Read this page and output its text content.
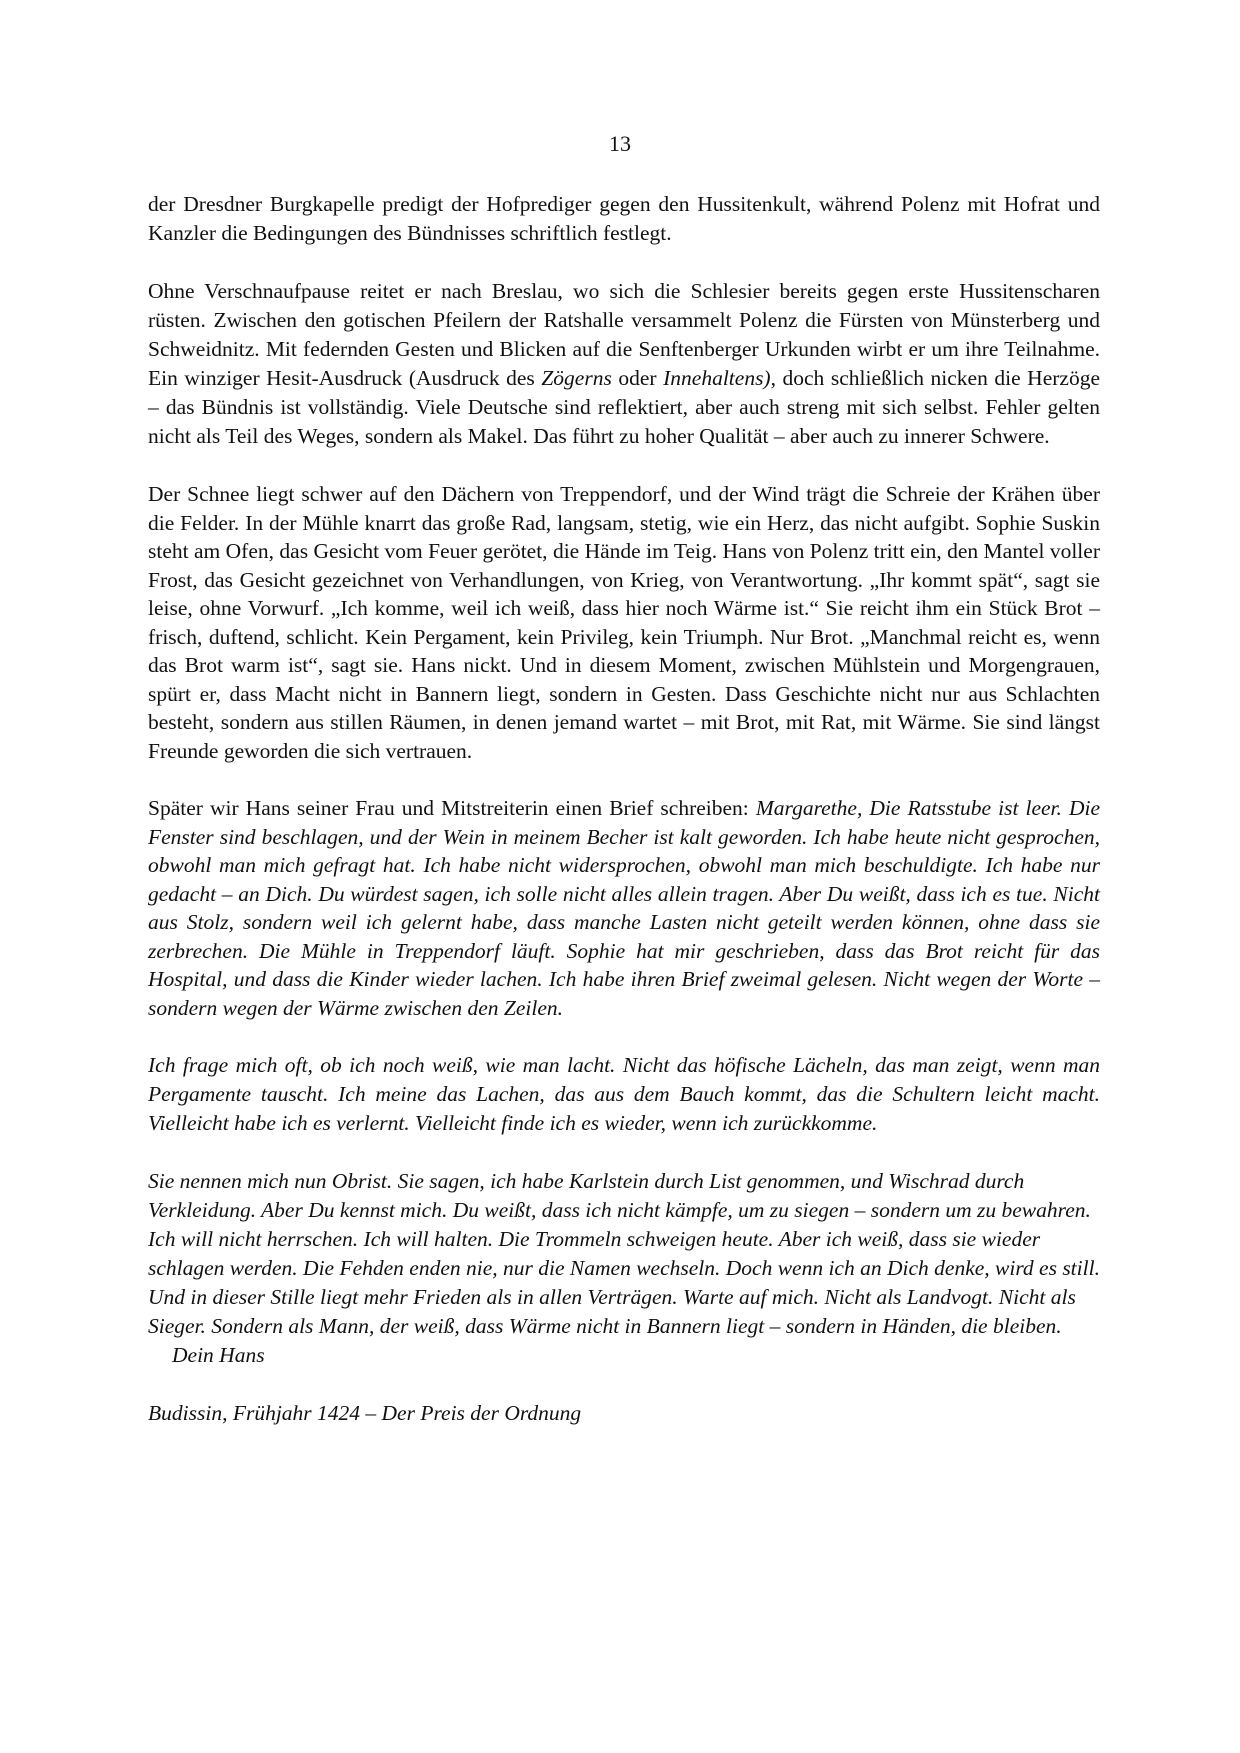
13

der Dresdner Burgkapelle predigt der Hofprediger gegen den Hussitenkult, während Polenz mit Hofrat und Kanzler die Bedingungen des Bündnisses schriftlich festlegt.

Ohne Verschnaufpause reitet er nach Breslau, wo sich die Schlesier bereits gegen erste Hussitenscharen rüsten. Zwischen den gotischen Pfeilern der Ratshalle versammelt Polenz die Fürsten von Münsterberg und Schweidnitz. Mit federnden Gesten und Blicken auf die Senftenberger Urkunden wirbt er um ihre Teilnahme. Ein winziger Hesit-Ausdruck (Ausdruck des Zögerns oder Innehaltens), doch schließlich nicken die Herzöge – das Bündnis ist vollständig. Viele Deutsche sind reflektiert, aber auch streng mit sich selbst. Fehler gelten nicht als Teil des Weges, sondern als Makel. Das führt zu hoher Qualität – aber auch zu innerer Schwere.

Der Schnee liegt schwer auf den Dächern von Treppendorf, und der Wind trägt die Schreie der Krähen über die Felder. In der Mühle knarrt das große Rad, langsam, stetig, wie ein Herz, das nicht aufgibt. Sophie Suskin steht am Ofen, das Gesicht vom Feuer gerötet, die Hände im Teig. Hans von Polenz tritt ein, den Mantel voller Frost, das Gesicht gezeichnet von Verhandlungen, von Krieg, von Verantwortung. „Ihr kommt spät“, sagt sie leise, ohne Vorwurf. „Ich komme, weil ich weiß, dass hier noch Wärme ist.“ Sie reicht ihm ein Stück Brot – frisch, duftend, schlicht. Kein Pergament, kein Privileg, kein Triumph. Nur Brot. „Manchmal reicht es, wenn das Brot warm ist“, sagt sie. Hans nickt. Und in diesem Moment, zwischen Mühlstein und Morgengrauen, spürt er, dass Macht nicht in Bannern liegt, sondern in Gesten. Dass Geschichte nicht nur aus Schlachten besteht, sondern aus stillen Räumen, in denen jemand wartet – mit Brot, mit Rat, mit Wärme. Sie sind längst Freunde geworden die sich vertrauen.

Später wir Hans seiner Frau und Mitstreiterin einen Brief schreiben: Margarethe, Die Ratsstube ist leer. Die Fenster sind beschlagen, und der Wein in meinem Becher ist kalt geworden. Ich habe heute nicht gesprochen, obwohl man mich gefragt hat. Ich habe nicht widersprochen, obwohl man mich beschuldigte. Ich habe nur gedacht – an Dich. Du würdest sagen, ich solle nicht alles allein tragen. Aber Du weißt, dass ich es tue. Nicht aus Stolz, sondern weil ich gelernt habe, dass manche Lasten nicht geteilt werden können, ohne dass sie zerbrechen. Die Mühle in Treppendorf läuft. Sophie hat mir geschrieben, dass das Brot reicht für das Hospital, und dass die Kinder wieder lachen. Ich habe ihren Brief zweimal gelesen. Nicht wegen der Worte – sondern wegen der Wärme zwischen den Zeilen.

Ich frage mich oft, ob ich noch weiß, wie man lacht. Nicht das höfische Lächeln, das man zeigt, wenn man Pergamente tauscht. Ich meine das Lachen, das aus dem Bauch kommt, das die Schultern leicht macht. Vielleicht habe ich es verlernt. Vielleicht finde ich es wieder, wenn ich zurückkomme.

Sie nennen mich nun Obrist. Sie sagen, ich habe Karlstein durch List genommen, und Wischrad durch Verkleidung. Aber Du kennst mich. Du weißt, dass ich nicht kämpfe, um zu siegen – sondern um zu bewahren. Ich will nicht herrschen. Ich will halten. Die Trommeln schweigen heute. Aber ich weiß, dass sie wieder schlagen werden. Die Fehden enden nie, nur die Namen wechseln. Doch wenn ich an Dich denke, wird es still. Und in dieser Stille liegt mehr Frieden als in allen Verträgen. Warte auf mich. Nicht als Landvogt. Nicht als Sieger. Sondern als Mann, der weiß, dass Wärme nicht in Bannern liegt – sondern in Händen, die bleiben. Dein Hans

Budissin, Frühjahr 1424 – Der Preis der Ordnung
